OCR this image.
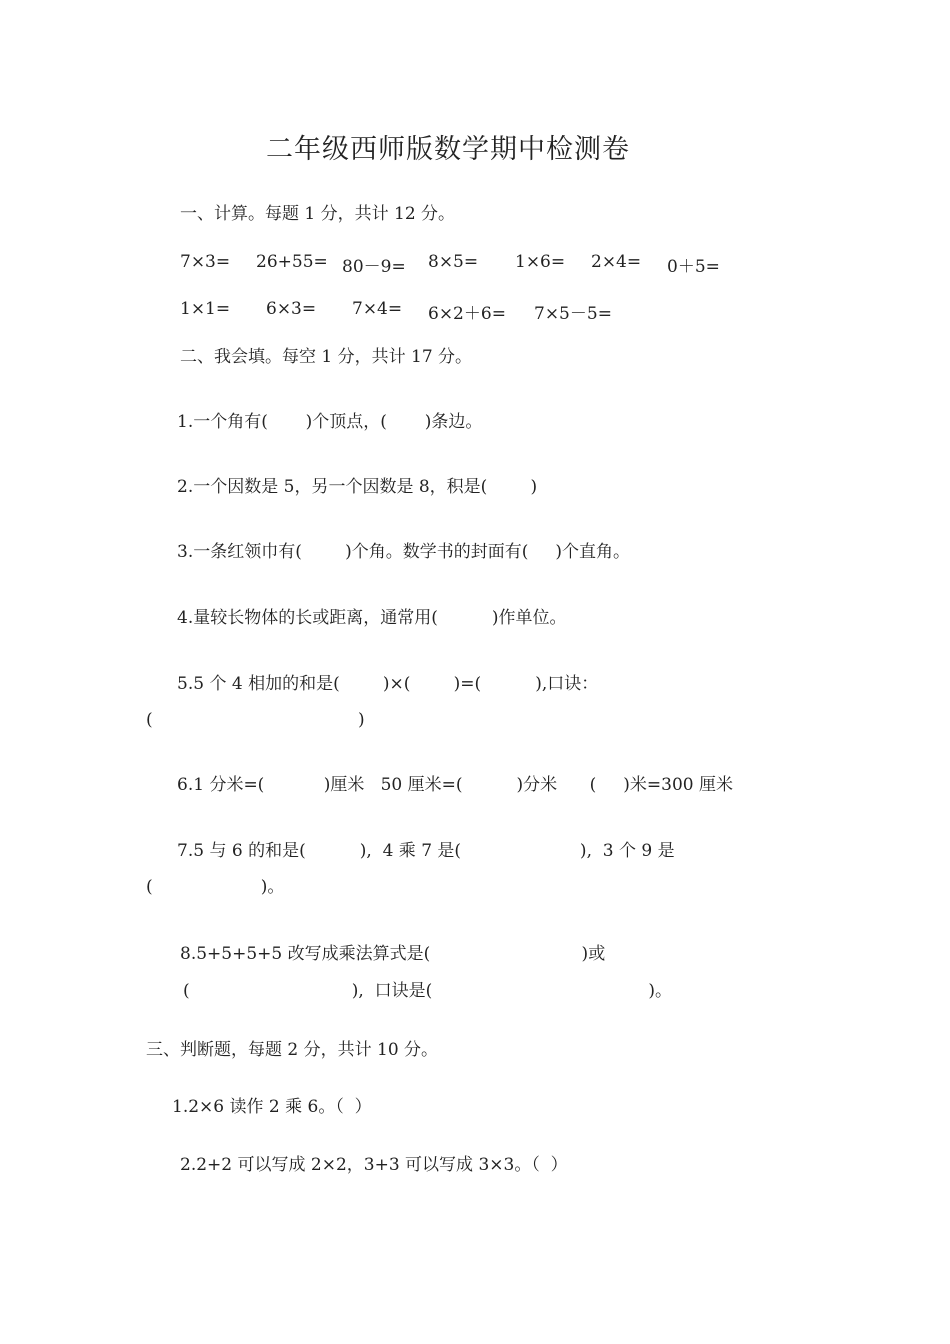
二年级西师版数学期中检测卷
一、计算。每题 1 分，共计 12 分。
7×3= 26+55= 80－9= 8×5= 1×6= 2×4= 0＋5=
1×1= 6×3= 7×4= 6×2＋6= 7×5－5=
二、我会填。每空 1 分，共计 17 分。
1.一个角有(       )个顶点，(       )条边。
2.一个因数是 5，另一个因数是 8，积是(        )
3.一条红领巾有(        )个角。数学书的封面有(     )个直角。
4.量较长物体的长或距离，通常用(          )作单位。
5.5 个 4 相加的和是(        )×(        )=(          ),口诀：
(                                      )
6.1 分米=(           )厘米   50 厘米=(          )分米      (     )米=300 厘米
7.5 与 6 的和是(          ),  4 乘 7 是(                      ),  3 个 9 是
(                    )。
8.5+5+5+5 改写成乘法算式是(                            )或
(                              ),  口诀是(                                        )。
三、判断题，每题 2 分，共计 10 分。
1.2×6 读作 2 乘 6。（  ）
2.2+2 可以写成 2×2，3+3 可以写成 3×3。（  ）
